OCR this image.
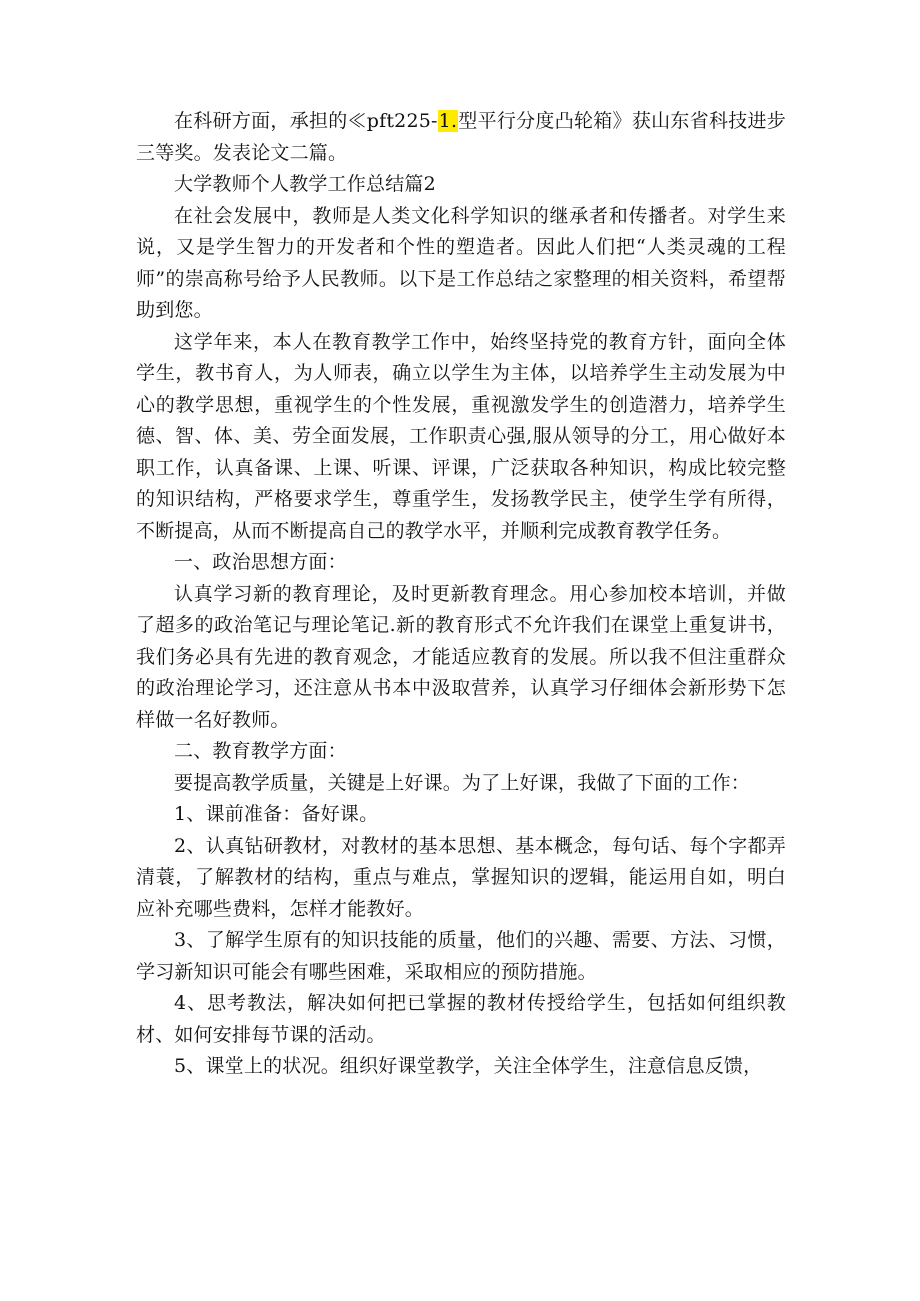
在科研方面，承担的≪pft225-1.型平行分度凸轮箱》获山东省科技进步三等奖。发表论文二篇。

大学教师个人教学工作总结篇2

在社会发展中，教师是人类文化科学知识的继承者和传播者。对学生来说，又是学生智力的开发者和个性的塑造者。因此人们把“人类灵魂的工程师”的崇高称号给予人民教师。以下是工作总结之家整理的相关资料，希望帮助到您。

这学年来，本人在教育教学工作中，始终坚持党的教育方针，面向全体学生，教书育人，为人师表，确立以学生为主体，以培养学生主动发展为中心的教学思想，重视学生的个性发展，重视激发学生的创造潜力，培养学生德、智、体、美、劳全面发展，工作职责心强,服从领导的分工，用心做好本职工作，认真备课、上课、听课、评课，广泛获取各种知识，构成比较完整的知识结构，严格要求学生，尊重学生，发扬教学民主，使学生学有所得，不断提高，从而不断提高自己的教学水平，并顺利完成教育教学任务。

一、政治思想方面：

认真学习新的教育理论，及时更新教育理念。用心参加校本培训，并做了超多的政治笔记与理论笔记.新的教育形式不允许我们在课堂上重复讲书，我们务必具有先进的教育观念，才能适应教育的发展。所以我不但注重群众的政治理论学习，还注意从书本中汲取营养，认真学习仔细体会新形势下怎样做一名好教师。

二、教育教学方面：

要提高教学质量，关键是上好课。为了上好课，我做了下面的工作：

1、课前准备：备好课。

2、认真钻研教材，对教材的基本思想、基本概念，每句话、每个字都弄清蓑，了解教材的结构，重点与难点，掌握知识的逻辑，能运用自如，明白应补充哪些费料，怎样才能教好。

3、了解学生原有的知识技能的质量，他们的兴趣、需要、方法、习惯，学习新知识可能会有哪些困难，采取相应的预防措施。

4、思考教法，解决如何把已掌握的教材传授给学生，包括如何组织教材、如何安排每节课的活动。

5、课堂上的状况。组织好课堂教学，关注全体学生，注意信息反馈，
